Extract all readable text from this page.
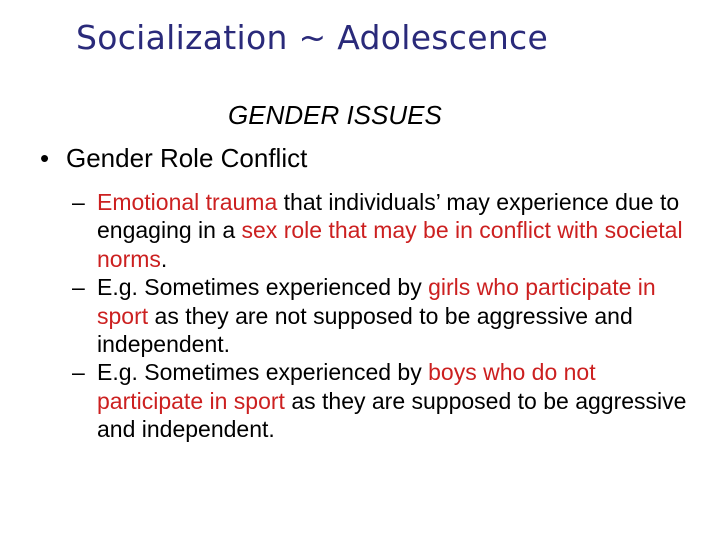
Socialization ~ Adolescence
GENDER ISSUES
• Gender Role Conflict
– Emotional trauma that individuals’ may experience due to engaging in a sex role that may be in conflict with societal norms.
– E.g. Sometimes experienced by girls who participate in sport as they are not supposed to be aggressive and independent.
– E.g. Sometimes experienced by boys who do not participate in sport as they are supposed to be aggressive and independent.
